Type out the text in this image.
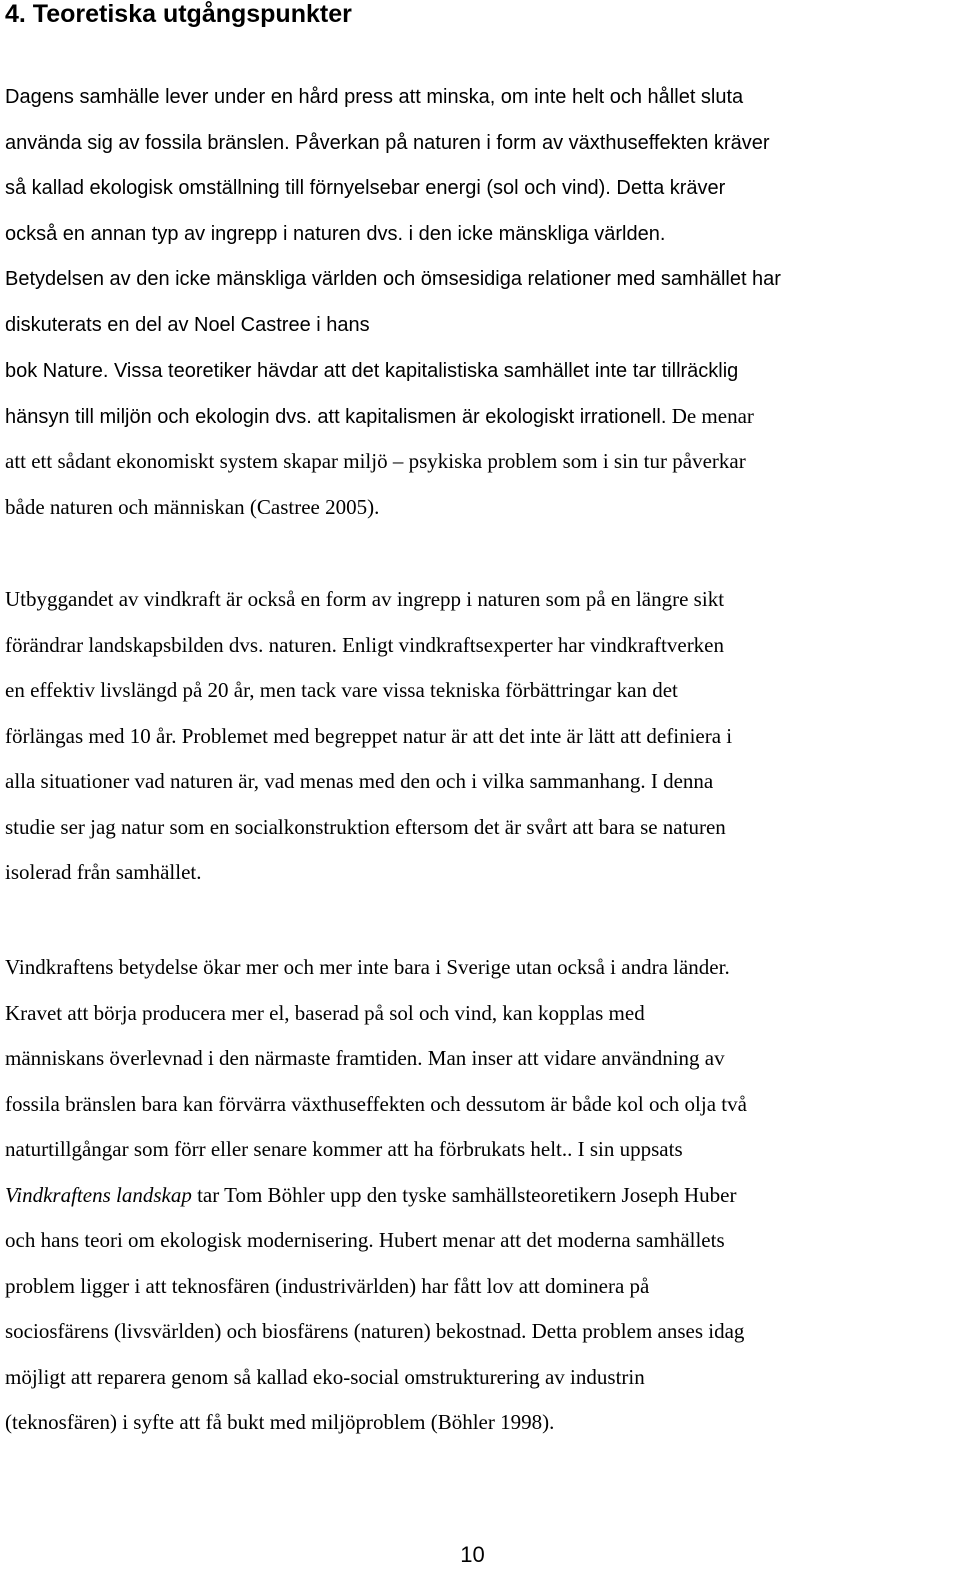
4. Teoretiska utgångspunkter
Dagens samhälle lever under en hård press att minska, om inte helt och hållet sluta
använda sig av fossila bränslen. Påverkan på naturen i form av växthuseffekten kräver
så kallad ekologisk omställning till förnyelsebar energi (sol och vind). Detta kräver
också en annan typ av ingrepp i naturen dvs. i den icke mänskliga världen.
Betydelsen av den icke mänskliga världen och ömsesidiga relationer med samhället har
diskuterats en del av Noel Castree i hans
bok Nature. Vissa teoretiker hävdar att det kapitalistiska samhället inte tar tillräcklig
hänsyn till miljön och ekologin dvs. att kapitalismen är ekologiskt irrationell. De menar
att ett sådant ekonomiskt system skapar miljö – psykiska problem som i sin tur påverkar
både naturen och människan (Castree 2005).
Utbyggandet av vindkraft är också en form av ingrepp i naturen som på en längre sikt
förändrar landskapsbilden dvs. naturen. Enligt vindkraftsexperter har vindkraftverken
en effektiv livslängd på 20 år, men tack vare vissa tekniska förbättringar kan det
förlängas med 10 år. Problemet med begreppet natur är att det inte är lätt att definiera i
alla situationer vad naturen är, vad menas med den och i vilka sammanhang. I denna
studie ser jag natur som en socialkonstruktion eftersom det är svårt att bara se naturen
isolerad från samhället.
Vindkraftens betydelse ökar mer och mer inte bara i Sverige utan också i andra länder.
Kravet att börja producera mer el, baserad på sol och vind, kan kopplas med
människans överlevnad i den närmaste framtiden. Man inser att vidare användning av
fossila bränslen bara kan förvärra växthuseffekten och dessutom är både kol och olja två
naturtillgångar som förr eller senare kommer att ha förbrukats helt.. I sin uppsats
Vindkraftens landskap tar Tom Böhler upp den tyske samhällsteoretikern Joseph Huber
och hans teori om ekologisk modernisering. Hubert menar att det moderna samhällets
problem ligger i att teknosfären (industrivärlden) har fått lov att dominera på
sociosfärens (livsvärlden) och biosfärens (naturen) bekostnad. Detta problem anses idag
möjligt att reparera genom så kallad eko-social omstrukturering av industrin
(teknosfären) i syfte att få bukt med miljöproblem (Böhler 1998).
10
